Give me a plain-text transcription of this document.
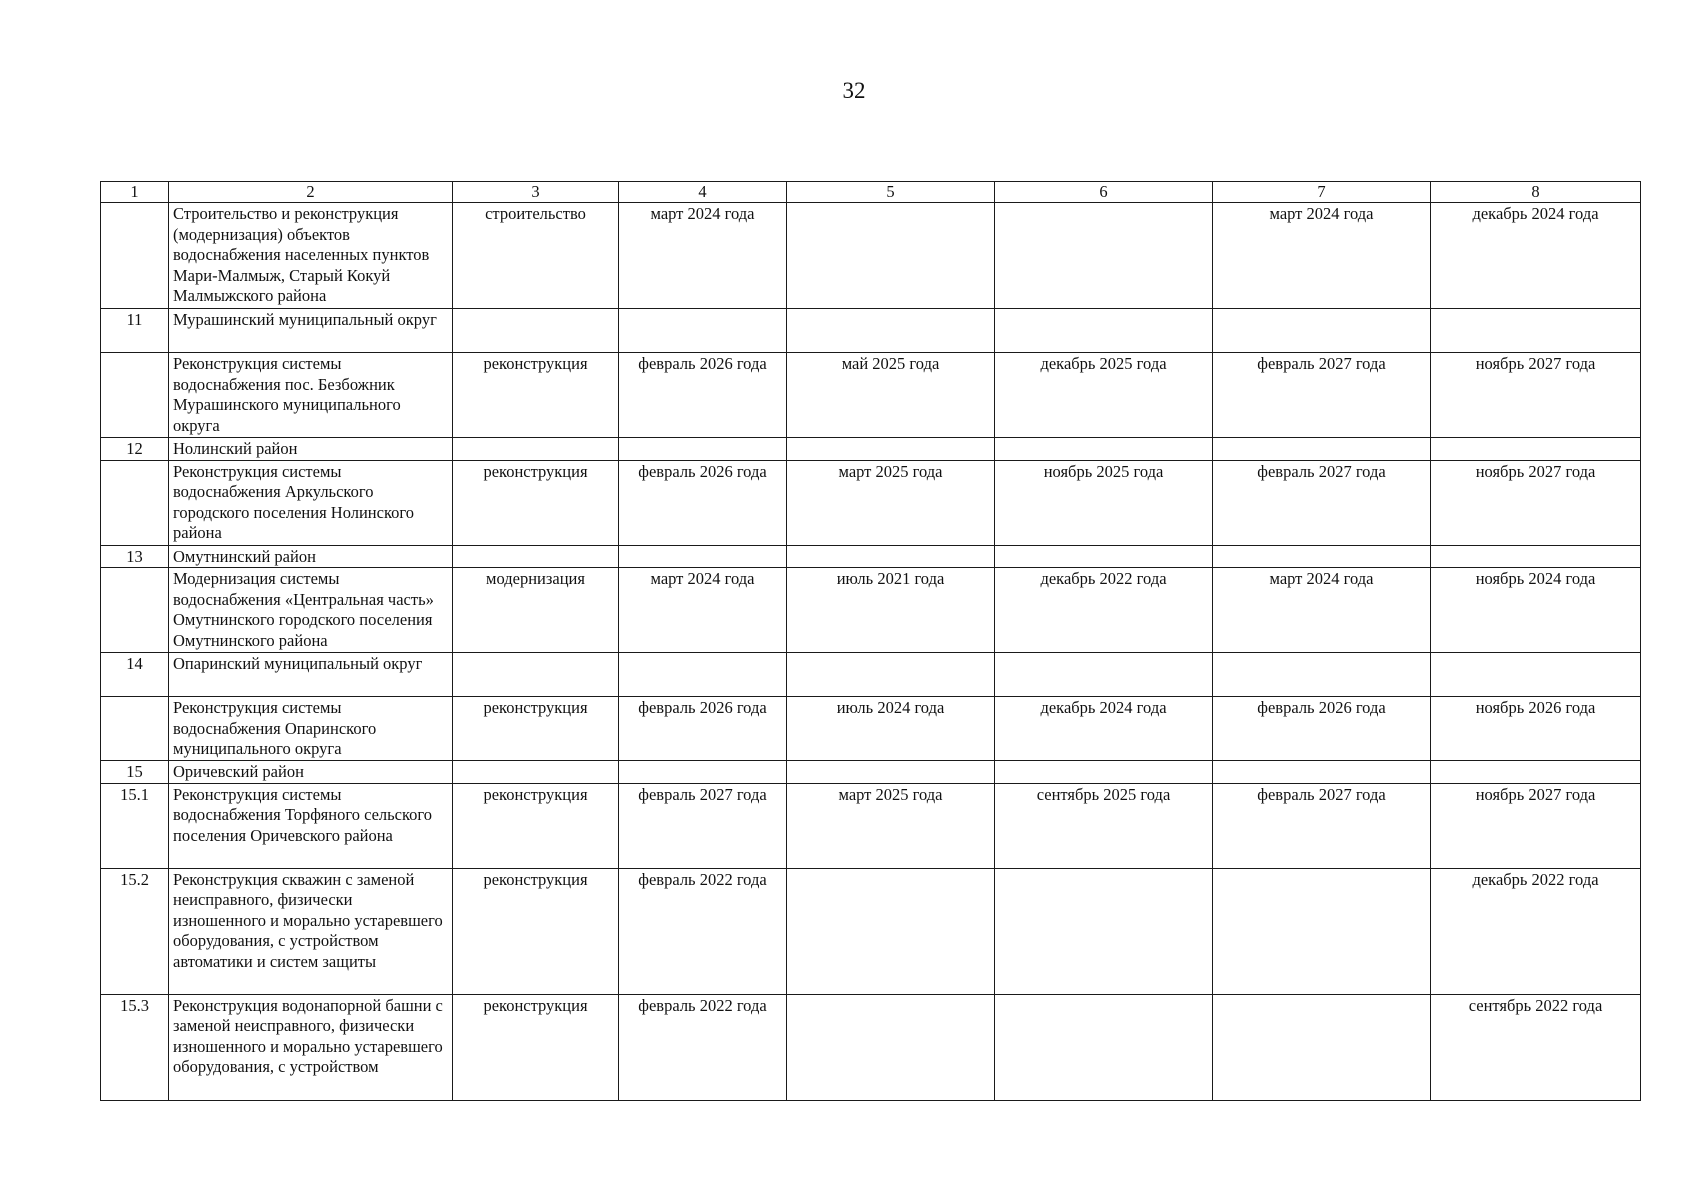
32
1	2	3	4	5	6	7	8
	Строительство и реконструкция (модернизация) объектов водоснабжения населенных пунктов Мари-Малмыж, Старый Кокуй Малмыжского района	строительство	март 2024 года			март 2024 года	декабрь 2024 года
11	Мурашинский муниципальный округ						
	Реконструкция системы водоснабжения пос. Безбожник Мурашинского муниципального округа	реконструкция	февраль 2026 года	май 2025 года	декабрь 2025 года	февраль 2027 года	ноябрь 2027 года
12	Нолинский район						
	Реконструкция системы водоснабжения Аркульского городского поселения Нолинского района	реконструкция	февраль 2026 года	март 2025 года	ноябрь 2025 года	февраль 2027 года	ноябрь 2027 года
13	Омутнинский район						
	Модернизация системы водоснабжения «Центральная часть» Омутнинского городского поселения Омутнинского района	модернизация	март 2024 года	июль 2021 года	декабрь 2022 года	март 2024 года	ноябрь 2024 года
14	Опаринский муниципальный округ						
	Реконструкция системы водоснабжения Опаринского муниципального округа	реконструкция	февраль 2026 года	июль 2024 года	декабрь 2024 года	февраль 2026 года	ноябрь 2026 года
15	Оричевский район						
15.1	Реконструкция системы водоснабжения Торфяного сельского поселения Оричевского района	реконструкция	февраль 2027 года	март 2025 года	сентябрь 2025 года	февраль 2027 года	ноябрь 2027 года
15.2	Реконструкция скважин с заменой неисправного, физически изношенного и морально устаревшего оборудования, с устройством автоматики и систем защиты	реконструкция	февраль 2022 года				декабрь 2022 года
15.3	Реконструкция водонапорной башни с заменой неисправного, физически изношенного и морально устаревшего оборудования, с устройством	реконструкция	февраль 2022 года				сентябрь 2022 года
